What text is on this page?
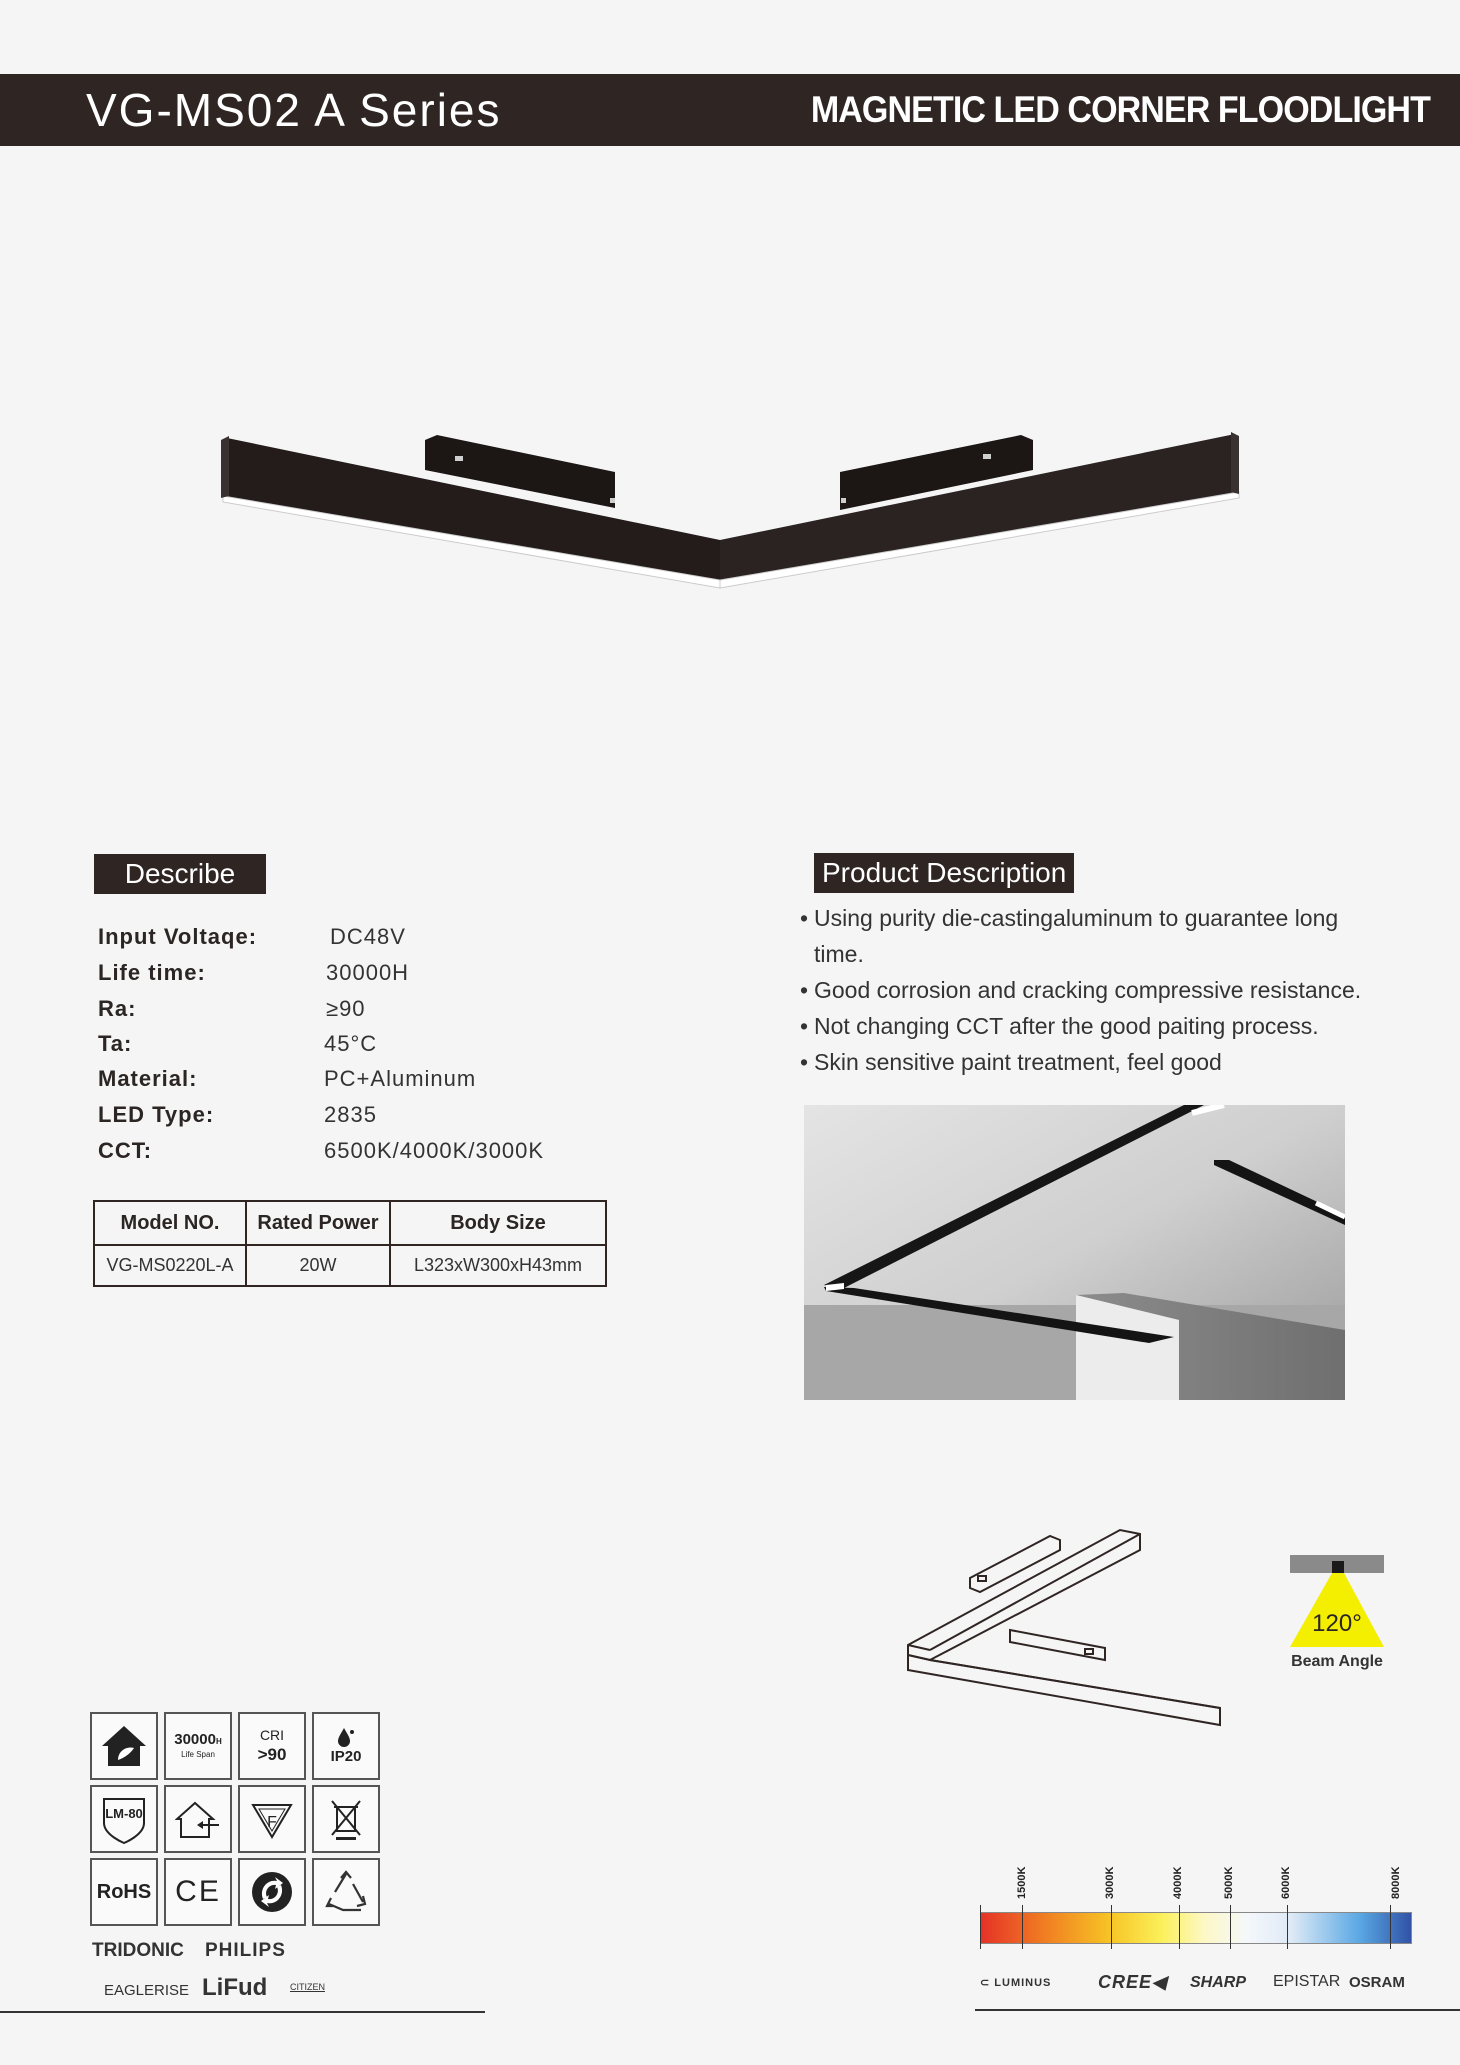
VG-MS02 A Series	MAGNETIC LED CORNER FLOODLIGHT
Describe
Input Voltaqe:	DC48V
Life time:	30000H
Ra:	≥90
Ta:	45°C
Material:	PC+Aluminum
LED Type:	2835
CCT:	6500K/4000K/3000K
Model NO.	Rated Power	Body Size
VG-MS0220L-A	20W	L323xW300xH43mm
Product Description
• Using purity die-castingaluminum to guarantee long time.
• Good corrosion and cracking compressive resistance.
• Not changing CCT after the good paiting process.
• Skin sensitive paint treatment, feel good
120°
Beam Angle
1500K	3000K	4000K	5000K	6000K	8000K
30000H
Life Span
CRI
>90	IP20
LM-80
F
RoHS CE
TRIDONIC PHILIPS
EAGLERISE LiFud	CITIZEN	⊂ LUMINUS	CREE◀ SHARP EPISTAR OSRAM
